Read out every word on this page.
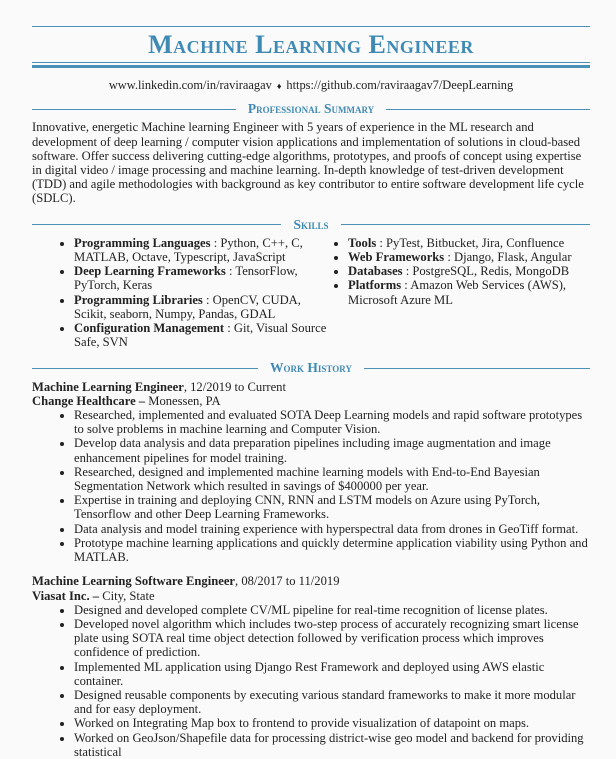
Machine Learning Engineer
www.linkedin.com/in/raviraagav ♦ https://github.com/raviraagav7/DeepLearning
Professional Summary
Innovative, energetic Machine learning Engineer with 5 years of experience in the ML research and development of deep learning / computer vision applications and implementation of solutions in cloud-based software. Offer success delivering cutting-edge algorithms, prototypes, and proofs of concept using expertise in digital video / image processing and machine learning. In-depth knowledge of test-driven development (TDD) and agile methodologies with background as key contributor to entire software development life cycle (SDLC).
Skills
• Programming Languages : Python, C++, C, MATLAB, Octave, Typescript, JavaScript
• Deep Learning Frameworks : TensorFlow, PyTorch, Keras
• Programming Libraries : OpenCV, CUDA, Scikit, seaborn, Numpy, Pandas, GDAL
• Configuration Management : Git, Visual Source Safe, SVN
• Tools : PyTest, Bitbucket, Jira, Confluence
• Web Frameworks : Django, Flask, Angular
• Databases : PostgreSQL, Redis, MongoDB
• Platforms : Amazon Web Services (AWS), Microsoft Azure ML
Work History
Machine Learning Engineer, 12/2019 to Current
Change Healthcare – Monessen, PA
• Researched, implemented and evaluated SOTA Deep Learning models and rapid software prototypes to solve problems in machine learning and Computer Vision.
• Develop data analysis and data preparation pipelines including image augmentation and image enhancement pipelines for model training.
• Researched, designed and implemented machine learning models with End-to-End Bayesian Segmentation Network which resulted in savings of $400000 per year.
• Expertise in training and deploying CNN, RNN and LSTM models on Azure using PyTorch, Tensorflow and other Deep Learning Frameworks.
• Data analysis and model training experience with hyperspectral data from drones in GeoTiff format.
• Prototype machine learning applications and quickly determine application viability using Python and MATLAB.
Machine Learning Software Engineer, 08/2017 to 11/2019
Viasat Inc. – City, State
• Designed and developed complete CV/ML pipeline for real-time recognition of license plates.
• Developed novel algorithm which includes two-step process of accurately recognizing smart license plate using SOTA real time object detection followed by verification process which improves confidence of prediction.
• Implemented ML application using Django Rest Framework and deployed using AWS elastic container.
• Designed reusable components by executing various standard frameworks to make it more modular and for easy deployment.
• Worked on Integrating Map box to frontend to provide visualization of datapoint on maps.
• Worked on GeoJson/Shapefile data for processing district-wise geo model and backend for providing statistical
